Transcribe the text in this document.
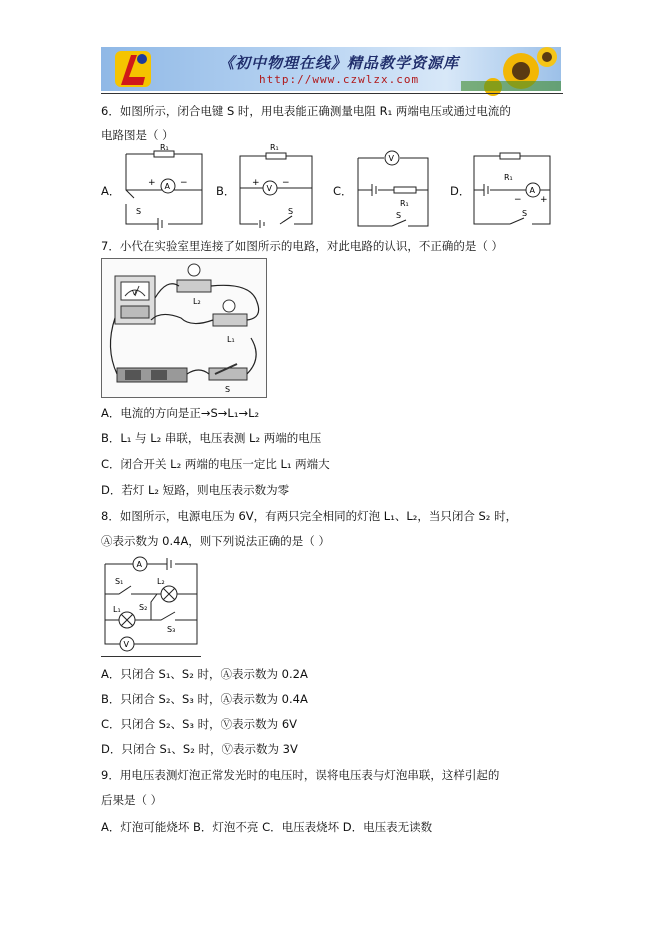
《初中物理在线》精品教学资源库
http://www.czwlzx.com
6．如图所示，闭合电键 S 时，用电表能正确测量电阻 R₁ 两端电压或通过电流的
电路图是（ ）
A．	B．	C．	D．
R₁
A
+	−
S
R₁
V
+ −
S
V
R₁
S
R₁
A
− +
S
7．小代在实验室里连接了如图所示的电路，对此电路的认识，不正确的是（ ）
V
L₂
L₁
S
A．电流的方向是正→S→L₁→L₂
B．L₁ 与 L₂ 串联，电压表测 L₂ 两端的电压
C．闭合开关 L₂ 两端的电压一定比 L₁ 两端大
D．若灯 L₂ 短路，则电压表示数为零
8．如图所示，电源电压为 6V，有两只完全相同的灯泡 L₁、L₂，当只闭合 S₂ 时，
Ⓐ表示数为 0.4A，则下列说法正确的是（ ）
A
V
S₁	L₂
S₂
L₁
S₃
A．只闭合 S₁、S₂ 时，Ⓐ表示数为 0.2A
B．只闭合 S₂、S₃ 时，Ⓐ表示数为 0.4A
C．只闭合 S₂、S₃ 时，Ⓥ表示数为 6V
D．只闭合 S₁、S₂ 时，Ⓥ表示数为 3V
9．用电压表测灯泡正常发光时的电压时，误将电压表与灯泡串联，这样引起的
后果是（ ）
A．灯泡可能烧坏 B．灯泡不亮 C．电压表烧坏 D．电压表无读数
